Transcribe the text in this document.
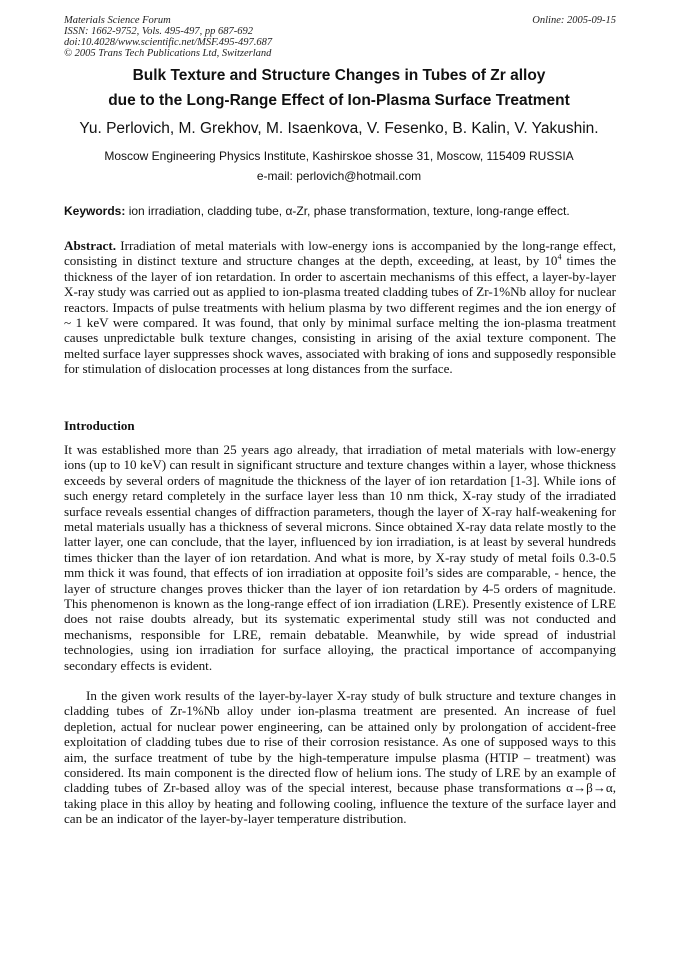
Materials Science Forum
ISSN: 1662-9752, Vols. 495-497, pp 687-692
doi:10.4028/www.scientific.net/MSF.495-497.687
© 2005 Trans Tech Publications Ltd, Switzerland
Online: 2005-09-15
Bulk Texture and Structure Changes in Tubes of Zr alloy
due to the Long-Range Effect of Ion-Plasma Surface Treatment
Yu. Perlovich, M. Grekhov, M. Isaenkova, V. Fesenko, B. Kalin, V. Yakushin.
Moscow Engineering Physics Institute, Kashirskoe shosse 31, Moscow, 115409 RUSSIA
e-mail: perlovich@hotmail.com
Keywords: ion irradiation, cladding tube, α-Zr, phase transformation, texture, long-range effect.
Abstract. Irradiation of metal materials with low-energy ions is accompanied by the long-range effect, consisting in distinct texture and structure changes at the depth, exceeding, at least, by $10^4$ times the thickness of the layer of ion retardation. In order to ascertain mechanisms of this effect, a layer-by-layer X-ray study was carried out as applied to ion-plasma treated cladding tubes of Zr-1%Nb alloy for nuclear reactors. Impacts of pulse treatments with helium plasma by two different regimes and the ion energy of ~ 1 keV were compared. It was found, that only by minimal surface melting the ion-plasma treatment causes unpredictable bulk texture changes, consisting in arising of the axial texture component. The melted surface layer suppresses shock waves, associated with braking of ions and supposedly responsible for stimulation of dislocation processes at long distances from the surface.
Introduction
It was established more than 25 years ago already, that irradiation of metal materials with low-energy ions (up to 10 keV) can result in significant structure and texture changes within a layer, whose thickness exceeds by several orders of magnitude the thickness of the layer of ion retardation [1-3]. While ions of such energy retard completely in the surface layer less than 10 nm thick, X-ray study of the irradiated surface reveals essential changes of diffraction parameters, though the layer of X-ray half-weakening for metal materials usually has a thickness of several microns. Since obtained X-ray data relate mostly to the latter layer, one can conclude, that the layer, influenced by ion irradiation, is at least by several hundreds times thicker than the layer of ion retardation. And what is more, by X-ray study of metal foils 0.3-0.5 mm thick it was found, that effects of ion irradiation at opposite foil’s sides are comparable, - hence, the layer of structure changes proves thicker than the layer of ion retardation by 4-5 orders of magnitude. This phenomenon is known as the long-range effect of ion irradiation (LRE). Presently existence of LRE does not raise doubts already, but its systematic experimental study still was not conducted and mechanisms, responsible for LRE, remain debatable. Meanwhile, by wide spread of industrial technologies, using ion irradiation for surface alloying, the practical importance of accompanying secondary effects is evident.
In the given work results of the layer-by-layer X-ray study of bulk structure and texture changes in cladding tubes of Zr-1%Nb alloy under ion-plasma treatment are presented. An increase of fuel depletion, actual for nuclear power engineering, can be attained only by prolongation of accident-free exploitation of cladding tubes due to rise of their corrosion resistance. As one of supposed ways to this aim, the surface treatment of tube by the high-temperature impulse plasma (HTIP – treatment) was considered. Its main component is the directed flow of helium ions. The study of LRE by an example of cladding tubes of Zr-based alloy was of the special interest, because phase transformations α→β→α, taking place in this alloy by heating and following cooling, influence the texture of the surface layer and can be an indicator of the layer-by-layer temperature distribution.
